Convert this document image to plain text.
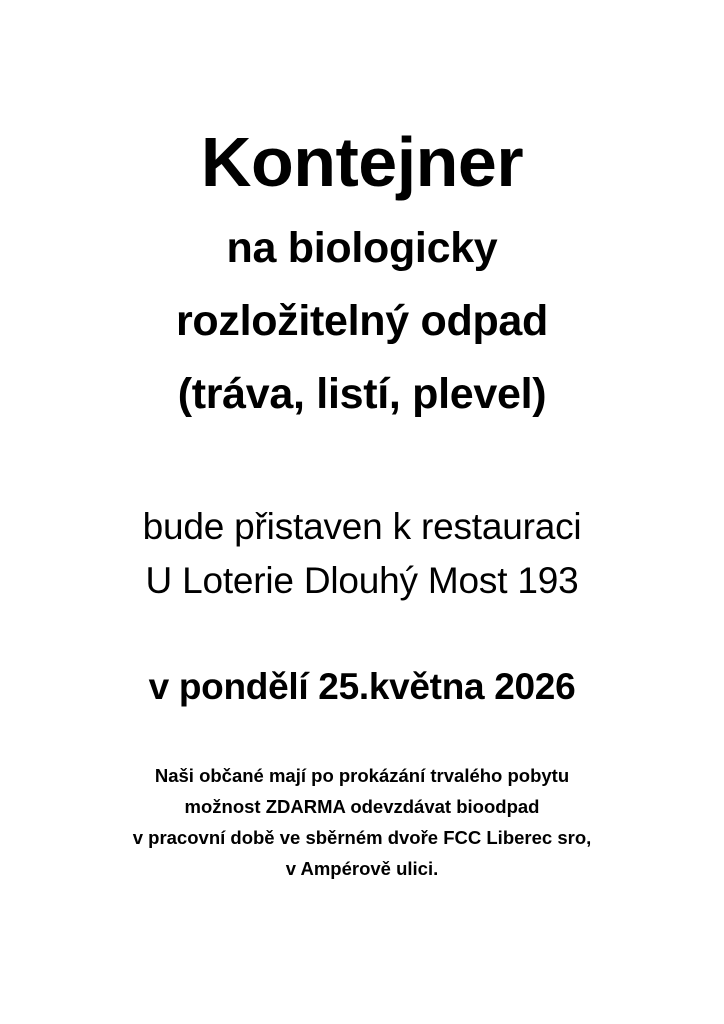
Kontejner
na biologicky
rozložitelný odpad
(tráva, listí, plevel)
bude přistaven k restauraci
U Loterie Dlouhý Most 193
v pondělí 25.května 2026
Naši občané mají po prokázání trvalého pobytu
možnost ZDARMA odevzdávat bioodpad
v pracovní době ve sběrném dvoře FCC Liberec sro,
v Ampérově ulici.
